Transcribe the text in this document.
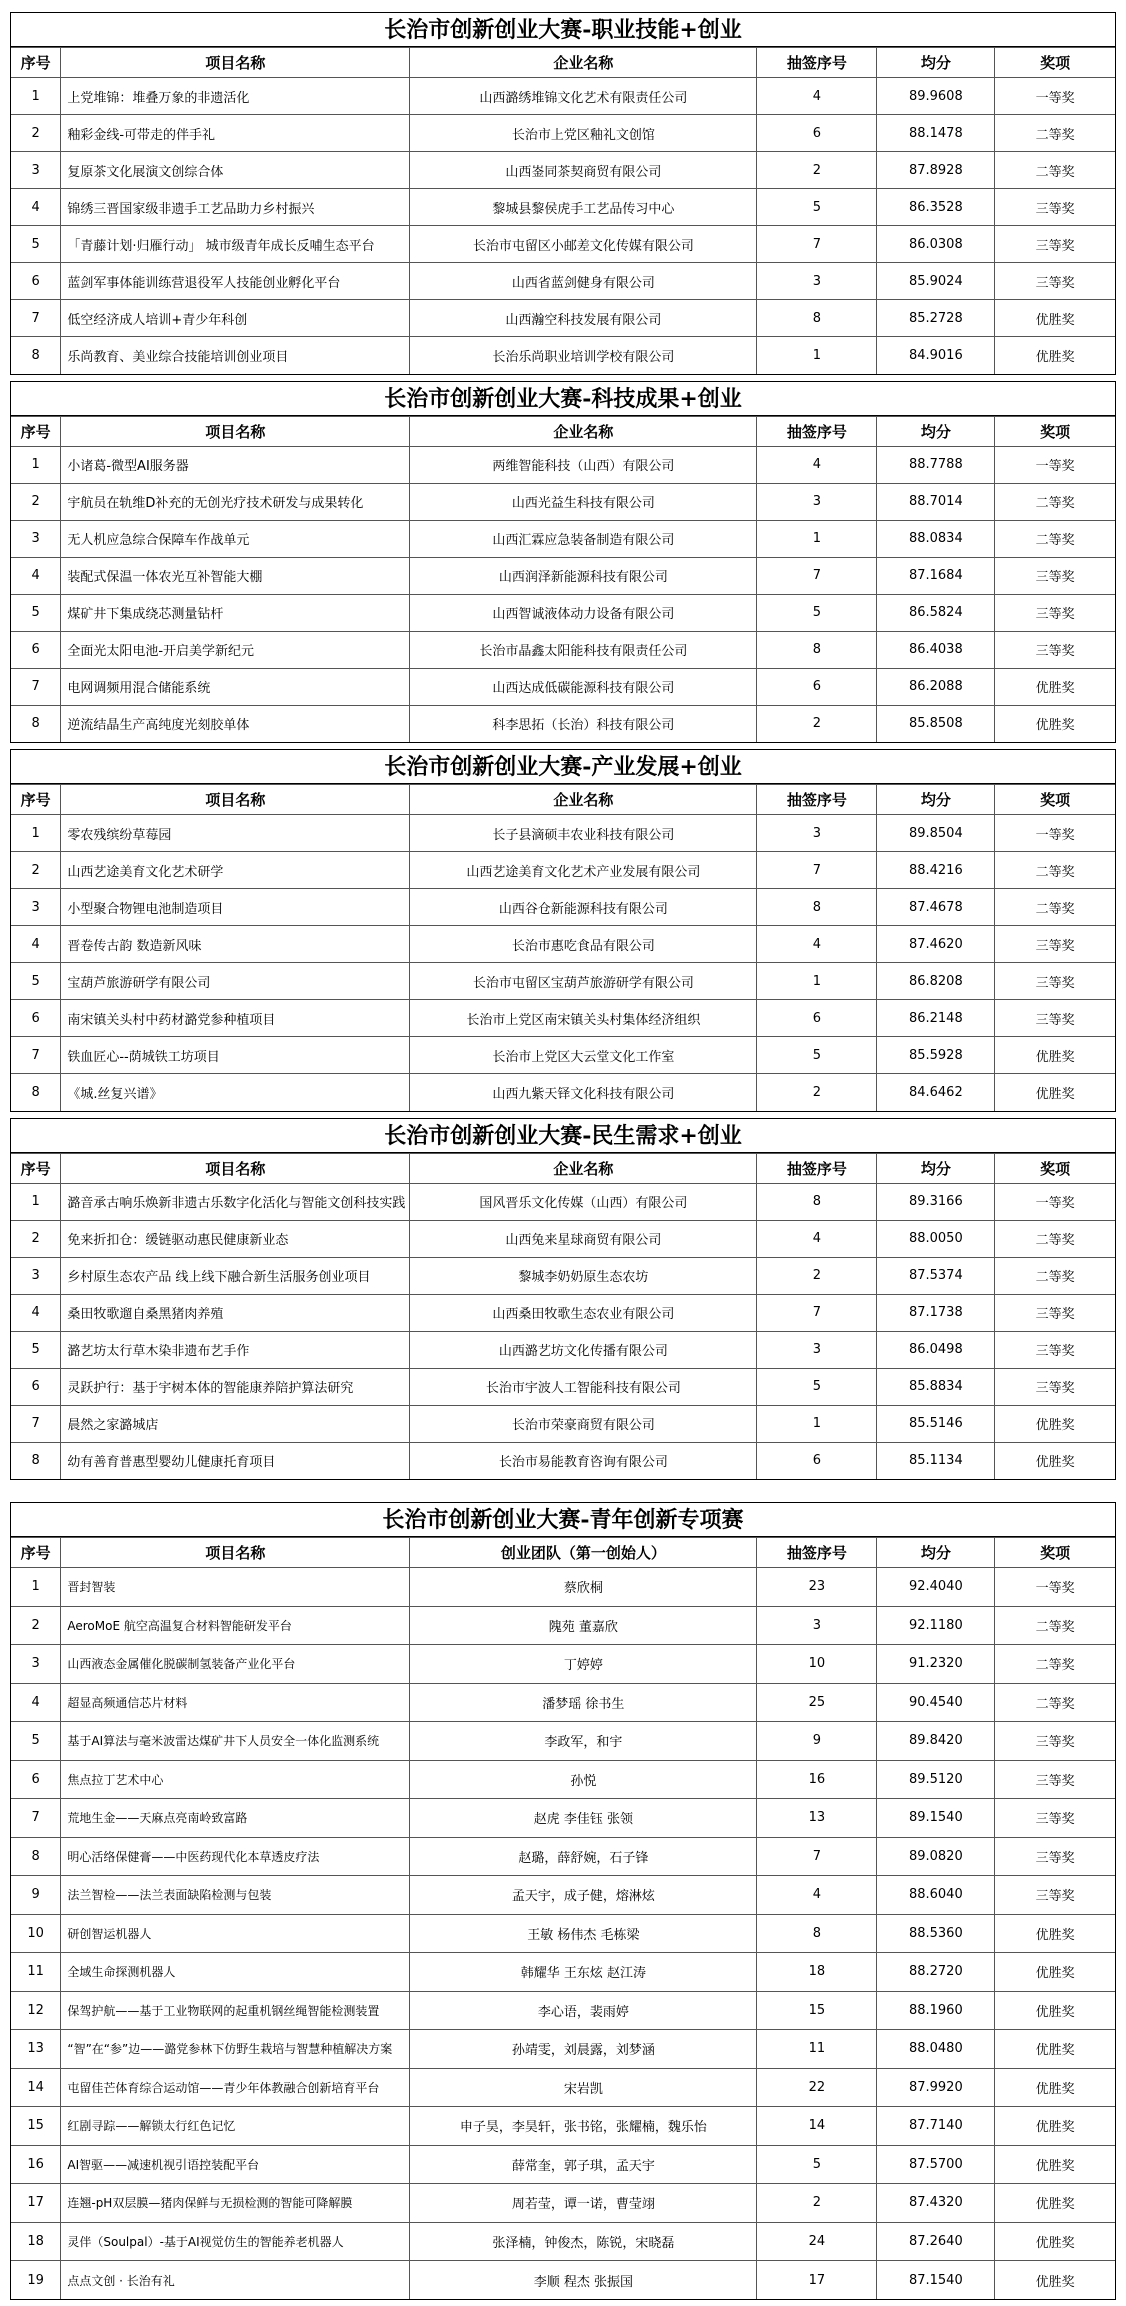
长治市创新创业大赛-职业技能+创业
序号	项目名称	企业名称	抽签序号	均分	奖项
1	上党堆锦：堆叠万象的非遗活化	山西潞绣堆锦文化艺术有限责任公司	4	89.9608	一等奖
2	釉彩金线-可带走的伴手礼	长治市上党区釉礼文创馆	6	88.1478	二等奖
3	复原茶文化展演文创综合体	山西崟同茶契商贸有限公司	2	87.8928	二等奖
4	锦绣三晋国家级非遗手工艺品助力乡村振兴	黎城县黎侯虎手工艺品传习中心	5	86.3528	三等奖
5	「青藤计划·归雁行动」 城市级青年成长反哺生态平台	长治市屯留区小邮差文化传媒有限公司	7	86.0308	三等奖
6	蓝剑军事体能训练营退役军人技能创业孵化平台	山西省蓝剑健身有限公司	3	85.9024	三等奖
7	低空经济成人培训+青少年科创	山西瀚空科技发展有限公司	8	85.2728	优胜奖
8	乐尚教育、美业综合技能培训创业项目	长治乐尚职业培训学校有限公司	1	84.9016	优胜奖
长治市创新创业大赛-科技成果+创业
序号	项目名称	企业名称	抽签序号	均分	奖项
1	小诸葛-微型AI服务器	两维智能科技（山西）有限公司	4	88.7788	一等奖
2	宇航员在轨维D补充的无创光疗技术研发与成果转化	山西光益生科技有限公司	3	88.7014	二等奖
3	无人机应急综合保障车作战单元	山西汇霖应急装备制造有限公司	1	88.0834	二等奖
4	装配式保温一体农光互补智能大棚	山西润泽新能源科技有限公司	7	87.1684	三等奖
5	煤矿井下集成绕芯测量钻杆	山西智诚液体动力设备有限公司	5	86.5824	三等奖
6	全面光太阳电池-开启美学新纪元	长治市晶鑫太阳能科技有限责任公司	8	86.4038	三等奖
7	电网调频用混合储能系统	山西达成低碳能源科技有限公司	6	86.2088	优胜奖
8	逆流结晶生产高纯度光刻胶单体	科李思拓（长治）科技有限公司	2	85.8508	优胜奖
长治市创新创业大赛-产业发展+创业
序号	项目名称	企业名称	抽签序号	均分	奖项
1	零农残缤纷草莓园	长子县滴硕丰农业科技有限公司	3	89.8504	一等奖
2	山西艺途美育文化艺术研学	山西艺途美育文化艺术产业发展有限公司	7	88.4216	二等奖
3	小型聚合物锂电池制造项目	山西谷仓新能源科技有限公司	8	87.4678	二等奖
4	晋卷传古韵 数造新风味	长治市惠吃食品有限公司	4	87.4620	三等奖
5	宝葫芦旅游研学有限公司	长治市屯留区宝葫芦旅游研学有限公司	1	86.8208	三等奖
6	南宋镇关头村中药材潞党参种植项目	长治市上党区南宋镇关头村集体经济组织	6	86.2148	三等奖
7	铁血匠心--荫城铁工坊项目	长治市上党区大云堂文化工作室	5	85.5928	优胜奖
8	《城.丝复兴谱》	山西九紫天铎文化科技有限公司	2	84.6462	优胜奖
长治市创新创业大赛-民生需求+创业
序号	项目名称	企业名称	抽签序号	均分	奖项
1	潞音承古响乐焕新非遗古乐数字化活化与智能文创科技实践	国风晋乐文化传媒（山西）有限公司	8	89.3166	一等奖
2	免来折扣仓：缓链驱动惠民健康新业态	山西兔来星球商贸有限公司	4	88.0050	二等奖
3	乡村原生态农产品 线上线下融合新生活服务创业项目	黎城李奶奶原生态农坊	2	87.5374	二等奖
4	桑田牧歌遛自桑黑猪肉养殖	山西桑田牧歌生态农业有限公司	7	87.1738	三等奖
5	潞艺坊太行草木染非遗布艺手作	山西潞艺坊文化传播有限公司	3	86.0498	三等奖
6	灵跃护行：基于宇树本体的智能康养陪护算法研究	长治市宇波人工智能科技有限公司	5	85.8834	三等奖
7	晨然之家潞城店	长治市荣豪商贸有限公司	1	85.5146	优胜奖
8	幼有善育普惠型婴幼儿健康托育项目	长治市易能教育咨询有限公司	6	85.1134	优胜奖
长治市创新创业大赛-青年创新专项赛
序号	项目名称	创业团队（第一创始人）	抽签序号	均分	奖项
1	晋封智装	蔡欣桐	23	92.4040	一等奖
2	AeroMoE 航空高温复合材料智能研发平台	隗苑 董嘉欣	3	92.1180	二等奖
3	山西液态金属催化脱碳制氢装备产业化平台	丁婷婷	10	91.2320	二等奖
4	超显高频通信芯片材料	潘梦瑶 徐书生	25	90.4540	二等奖
5	基于AI算法与毫米波雷达煤矿井下人员安全一体化监测系统	李政军，和宇	9	89.8420	三等奖
6	焦点拉丁艺术中心	孙悦	16	89.5120	三等奖
7	荒地生金——天麻点亮南岭致富路	赵虎 李佳钰 张领	13	89.1540	三等奖
8	明心活络保健膏——中医药现代化本草透皮疗法	赵璐，薛舒婉，石子锋	7	89.0820	三等奖
9	法兰智检——法兰表面缺陷检测与包装	孟天宇，成子健，熔淋炫	4	88.6040	三等奖
10	研创智运机器人	王敏 杨伟杰 毛栋梁	8	88.5360	优胜奖
11	全域生命探测机器人	韩耀华 王东炫 赵江涛	18	88.2720	优胜奖
12	保驾护航——基于工业物联网的起重机钢丝绳智能检测装置	李心语，裴雨婷	15	88.1960	优胜奖
13	“智”在“参”边——潞党参林下仿野生栽培与智慧种植解决方案	孙靖雯，刘晨露，刘梦涵	11	88.0480	优胜奖
14	屯留佳芒体育综合运动馆——青少年体教融合创新培育平台	宋岩凯	22	87.9920	优胜奖
15	红剧寻踪——解锁太行红色记忆	申子昊，李昊轩，张书铭，张耀楠，魏乐怡	14	87.7140	优胜奖
16	AI智驱——减速机视引语控装配平台	薛常奎，郭子琪，孟天宇	5	87.5700	优胜奖
17	连翘-pH双层膜—猪肉保鲜与无损检测的智能可降解膜	周若莹，谭一诺，曹莹翊	2	87.4320	优胜奖
18	灵伴（Soulpal）-基于AI视觉仿生的智能养老机器人	张泽楠，钟俊杰，陈锐，宋晓磊	24	87.2640	优胜奖
19	点点文创 · 长治有礼	李顺 程杰 张振国	17	87.1540	优胜奖
